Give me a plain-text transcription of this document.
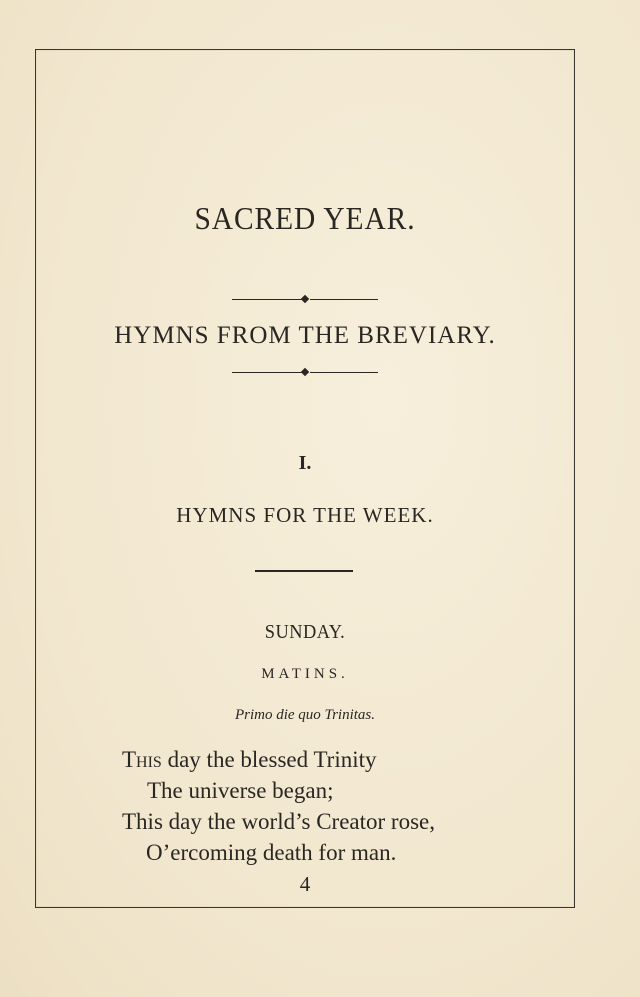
SACRED YEAR.
HYMNS FROM THE BREVIARY.
I.
HYMNS FOR THE WEEK.
SUNDAY.
MATINS.
Primo die quo Trinitas.
This day the blessed Trinity
The universe began;
This day the world’s Creator rose,
O’ercoming death for man.
4
